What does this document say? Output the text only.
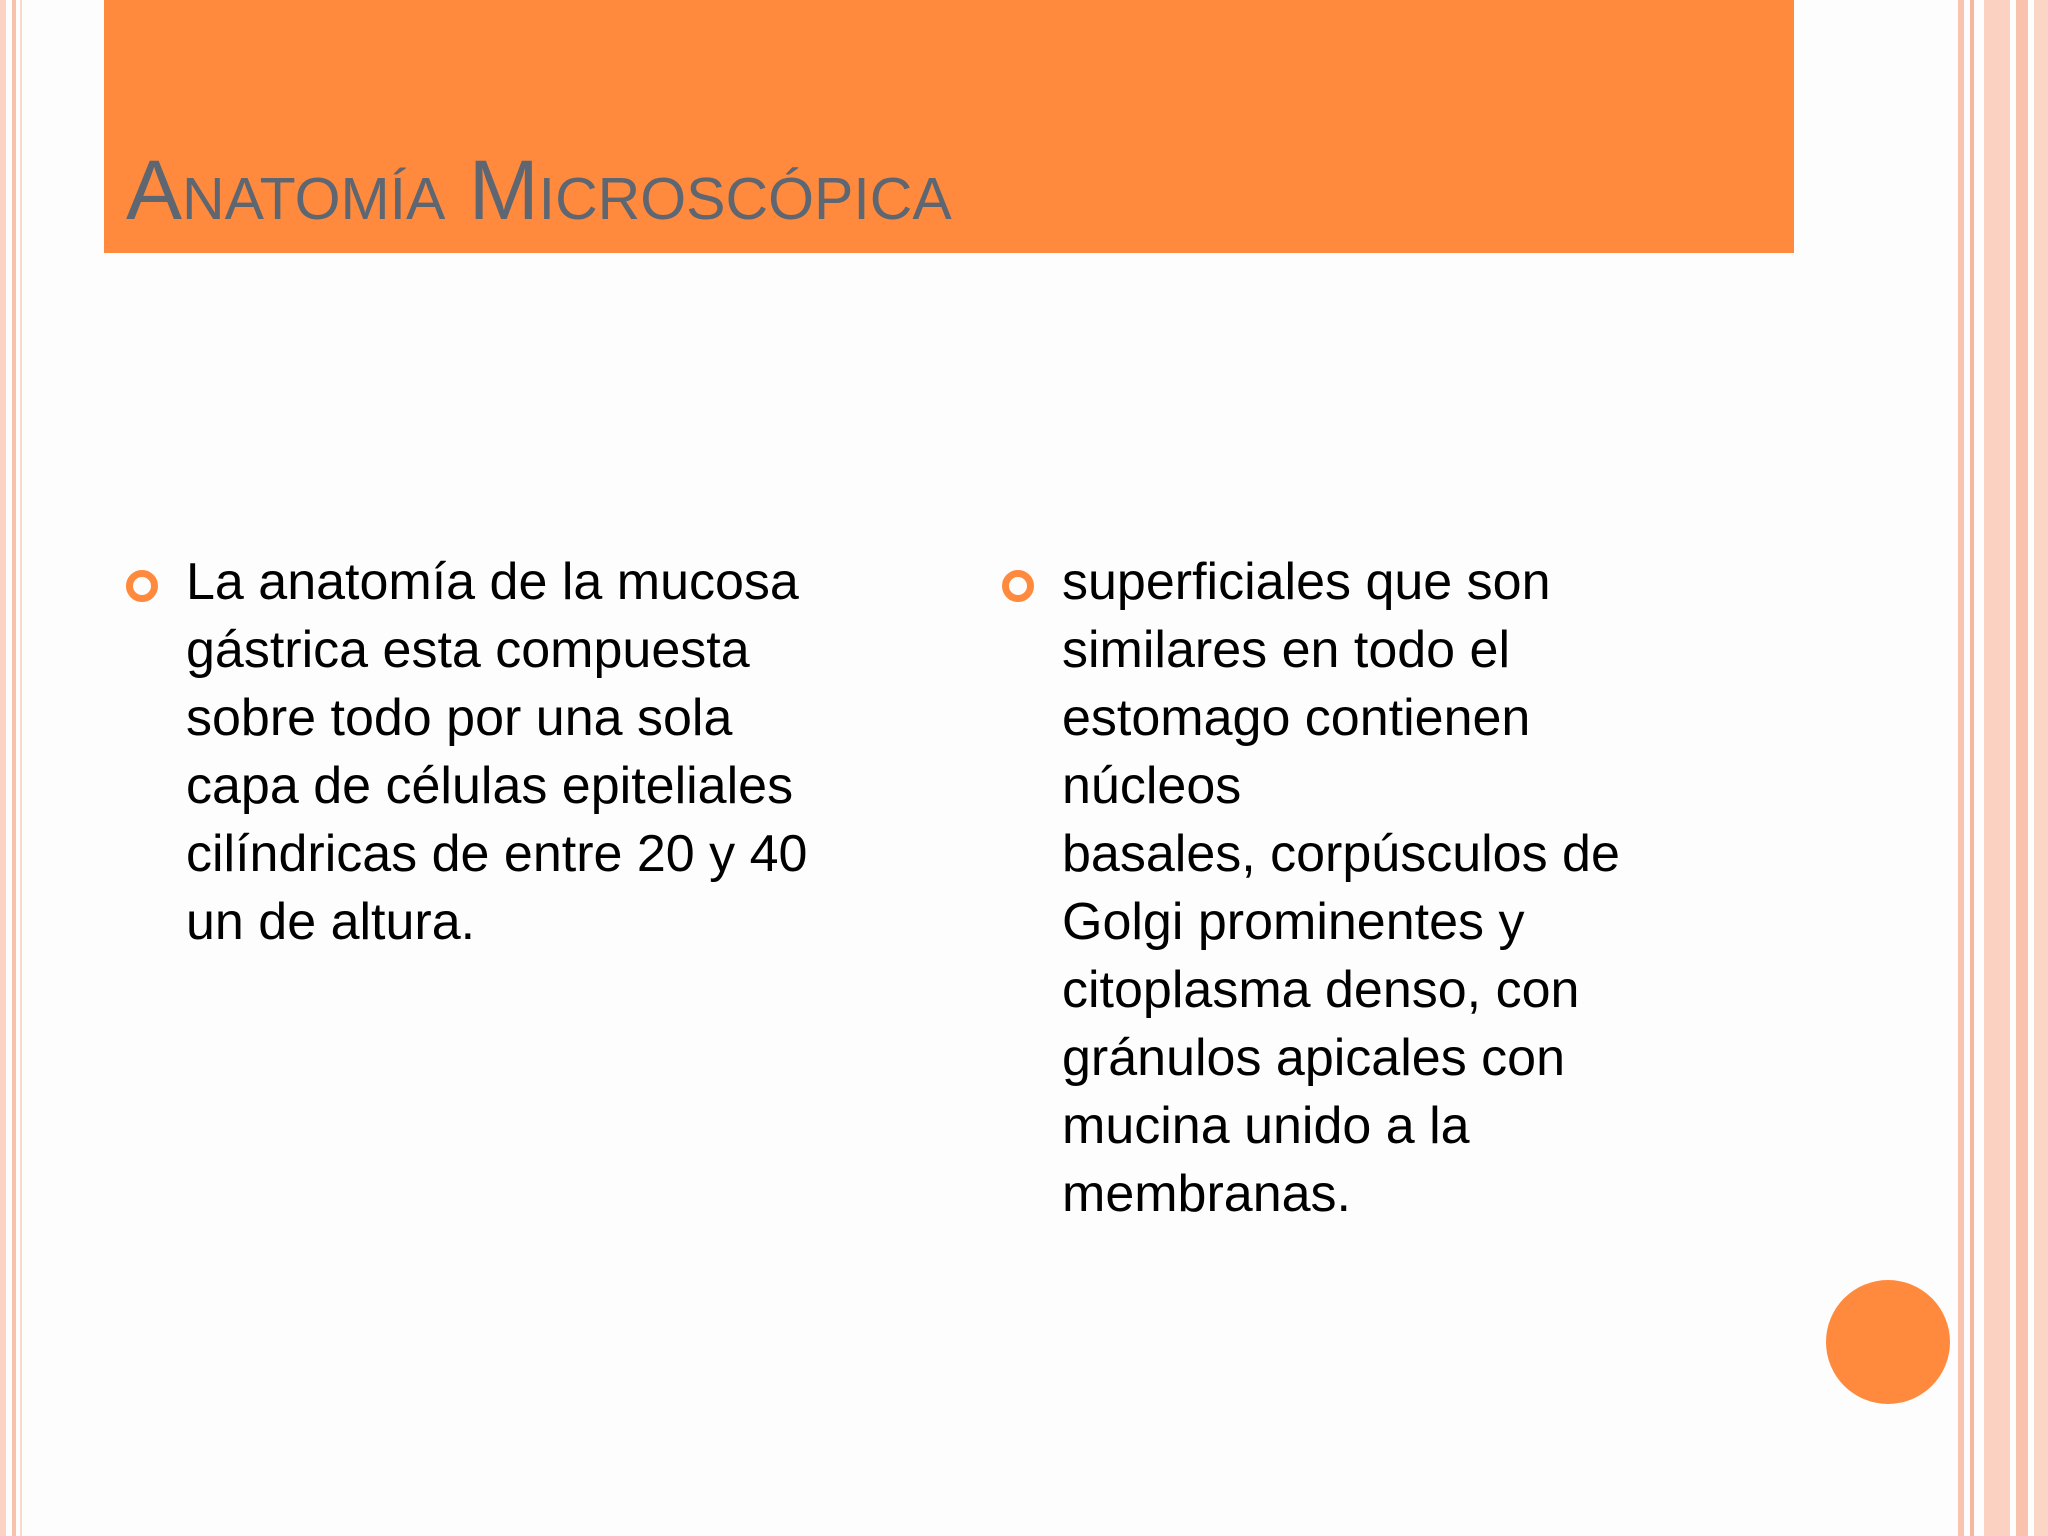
Anatomía Microscópica
La anatomía de la mucosa
gástrica esta compuesta
sobre todo por una sola
capa de células epiteliales
cilíndricas de entre 20 y 40
un de altura.
superficiales que son
similares en todo el
estomago contienen
núcleos
basales, corpúsculos de
Golgi prominentes y
citoplasma denso, con
gránulos apicales con
mucina unido a la
membranas.
